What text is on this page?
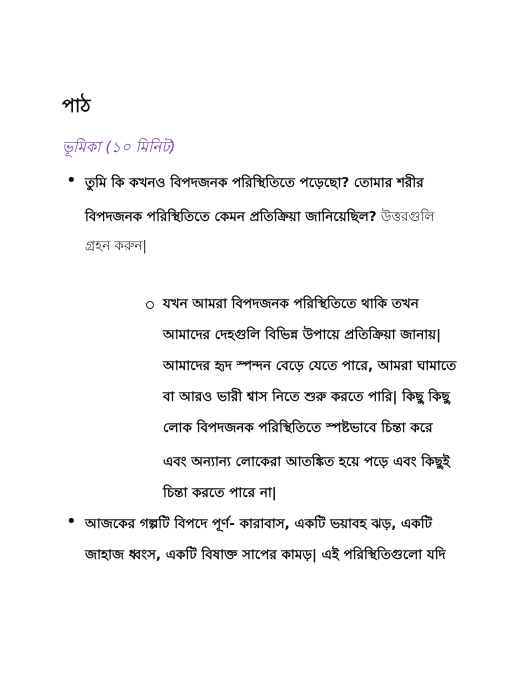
পাঠ
ভূমিকা (১০ মিনিট)
• তুমি কি কখনও বিপদজনক পরিস্থিতিতে পড়েছো? তোমার শরীর
বিপদজনক পরিস্থিতিতে কেমন প্রতিক্রিয়া জানিয়েছিল? উত্তরগুলি
গ্রহন করুন|
যখন আমরা বিপদজনক পরিস্থিতিতে থাকি তখন
আমাদের দেহগুলি বিভিন্ন উপায়ে প্রতিক্রিয়া জানায়|
আমাদের হৃদ স্পন্দন বেড়ে যেতে পারে, আমরা ঘামাতে
বা আরও ভারী শ্বাস নিতে শুরু করতে পারি| কিছু কিছু
লোক বিপদজনক পরিস্থিতিতে স্পষ্টভাবে চিন্তা করে
এবং অন্যান্য লোকেরা আতঙ্কিত হয়ে পড়ে এবং কিছুই
চিন্তা করতে পারে না|
• আজকের গল্পটি বিপদে পূর্ণ- কারাবাস, একটি ভয়াবহ ঝড়, একটি
জাহাজ ধ্বংস, একটি বিষাক্ত সাপের কামড়| এই পরিস্থিতিগুলো যদি
